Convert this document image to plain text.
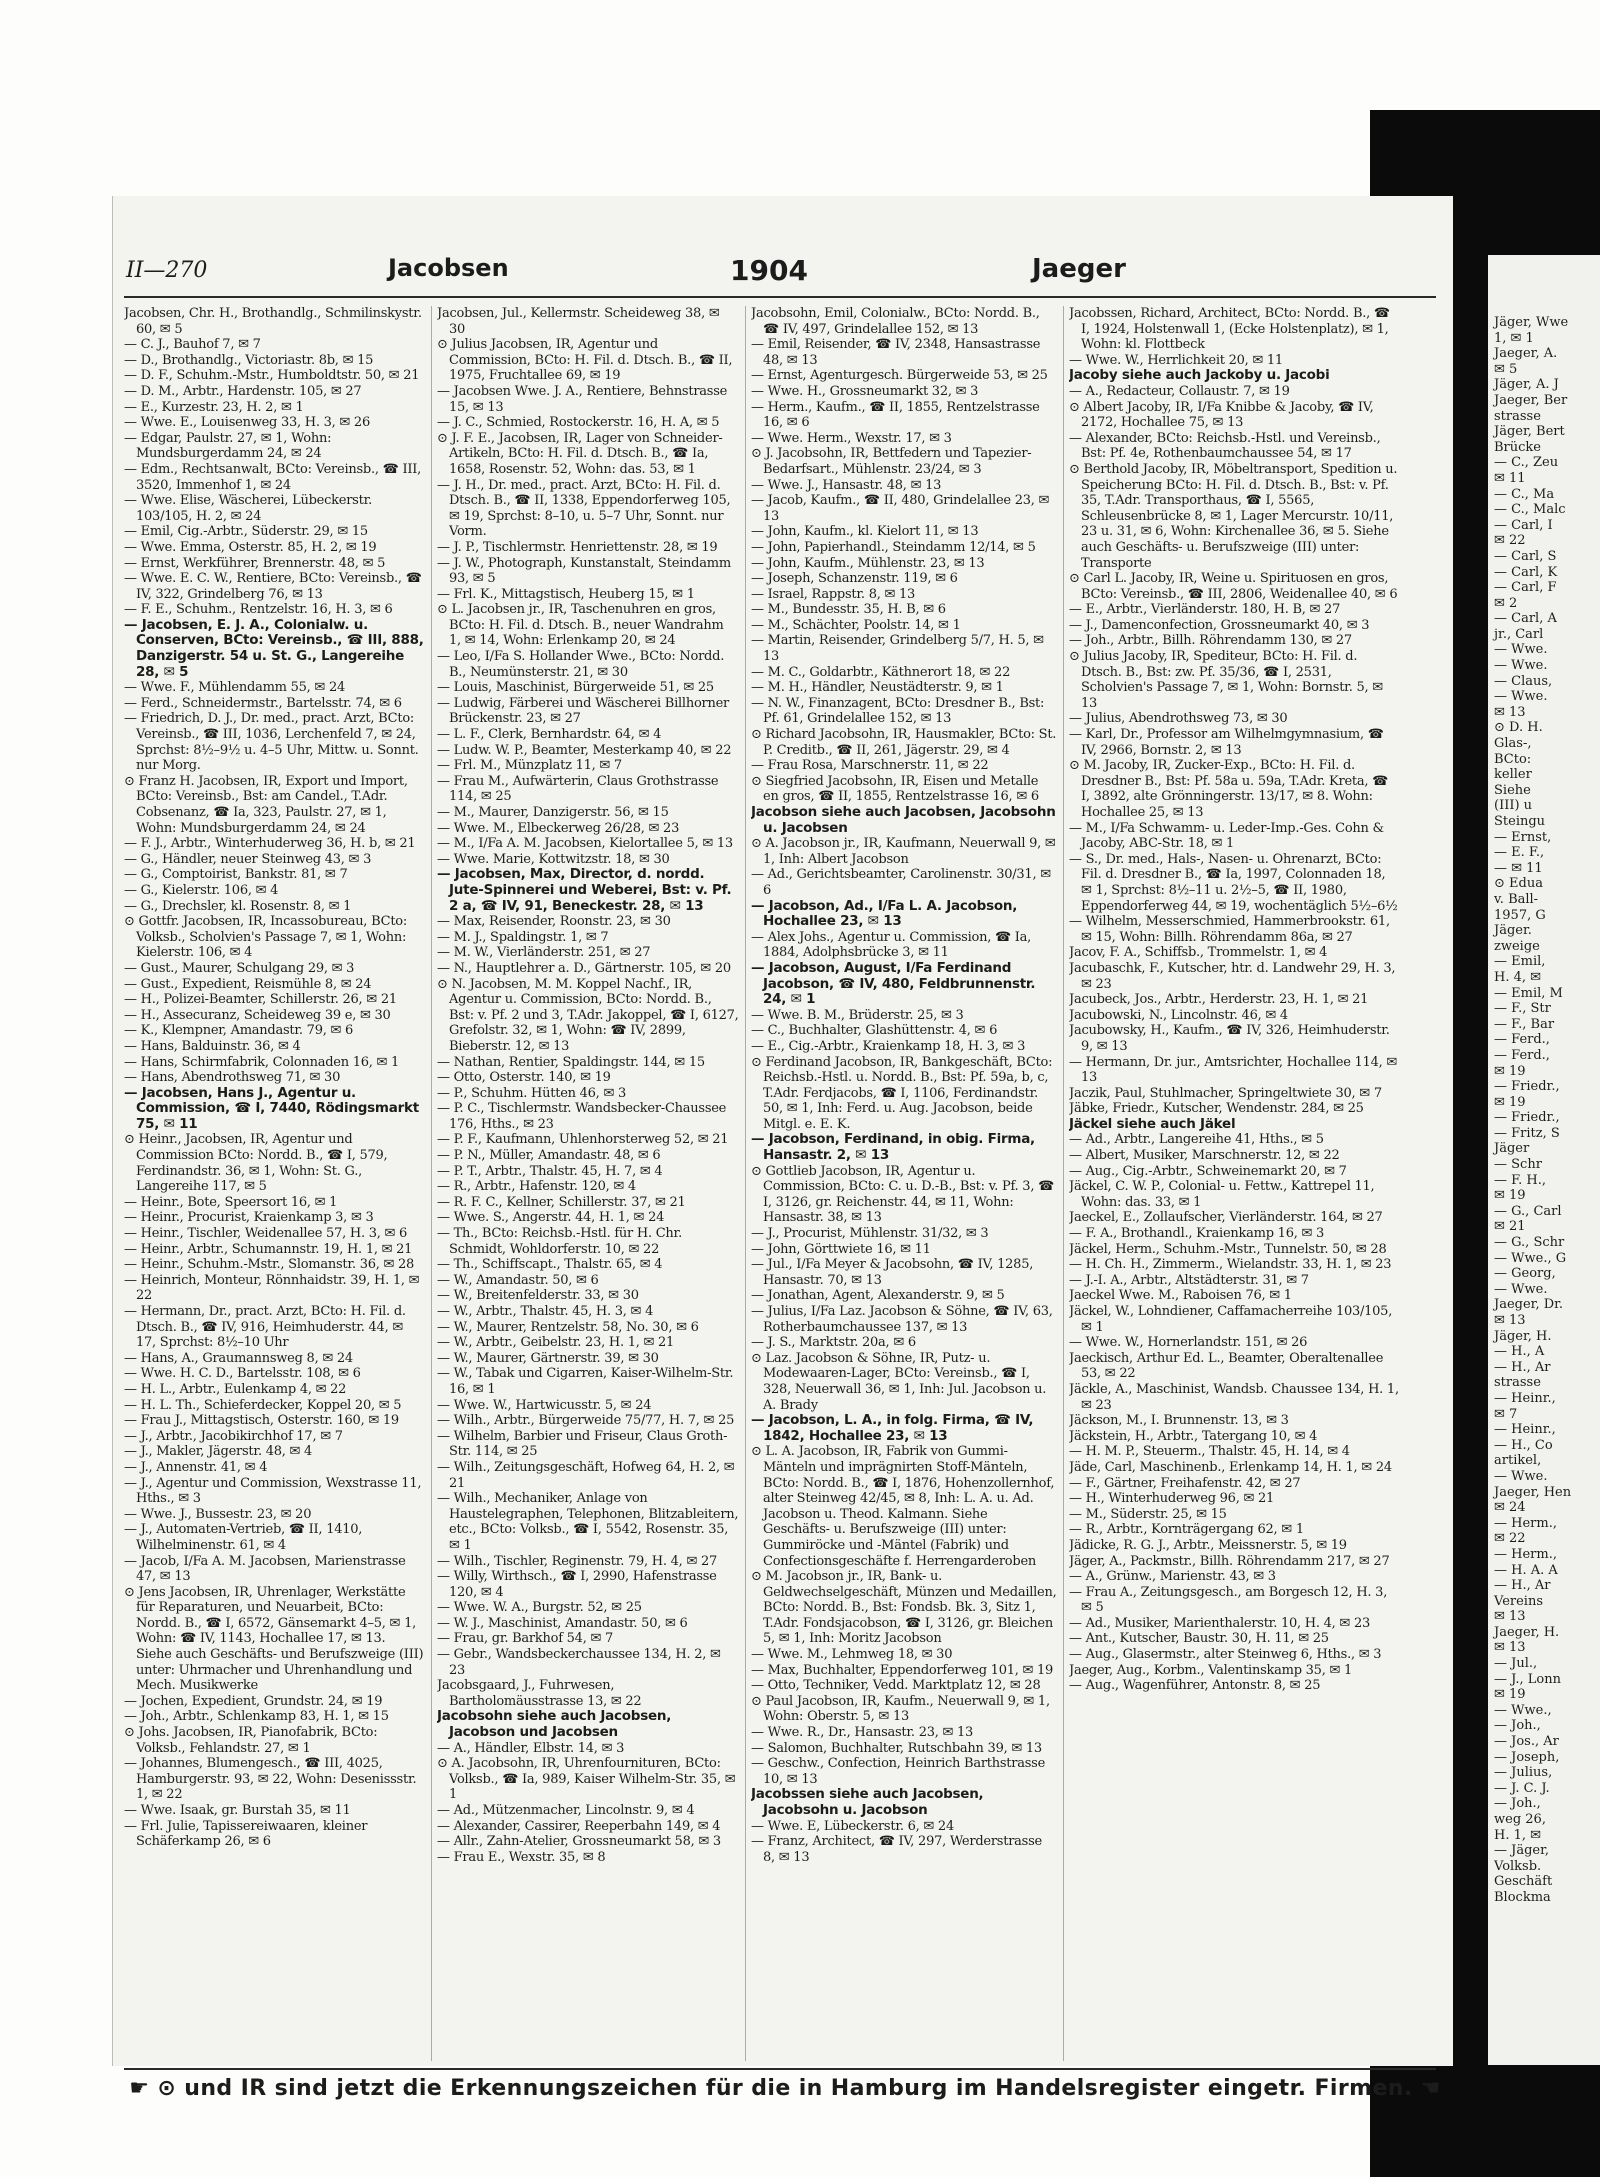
Jäger, Wwe
1, ✉ 1
Jaeger, A.
✉ 5
Jäger, A. J
Jaeger, Ber
strasse
Jäger, Bert
Brücke
— C., Zeu
✉ 11
— C., Ma
— C., Malc
— Carl, I
✉ 22
— Carl, S
— Carl, K
— Carl, F
✉ 2
— Carl, A
jr., Carl
— Wwe.
— Wwe.
— Claus,
— Wwe.
✉ 13
⊙ D. H.
Glas-,
BCto:
keller
Siehe
(III) u
Steingu
— Ernst,
— E. F.,
— ✉ 11
⊙ Edua
v. Ball-
1957, G
Jäger.
zweige
— Emil,
H. 4, ✉
— Emil, M
— F., Str
— F., Bar
— Ferd.,
— Ferd.,
✉ 19
— Friedr.,
✉ 19
— Friedr.,
— Fritz, S
Jäger
— Schr
— F. H.,
✉ 19
— G., Carl
✉ 21
— G., Schr
— Wwe., G
— Georg,
— Wwe.
Jaeger, Dr.
✉ 13
Jäger, H.
— H., A
— H., Ar
strasse
— Heinr.,
✉ 7
— Heinr.,
— H., Co
artikel,
— Wwe.
Jaeger, Hen
✉ 24
— Herm.,
✉ 22
— Herm.,
— H. A. A
— H., Ar
Vereins
✉ 13
Jaeger, H.
✉ 13
— Jul.,
— J., Lonn
✉ 19
— Wwe.,
— Joh.,
— Jos., Ar
— Joseph,
— Julius,
— J. C. J.
— Joh.,
weg 26,
H. 1, ✉
— Jäger,
Volksb.
Geschäft
Blockma
II—270	Jacobsen	1904	Jaeger

Jacobsen, Chr. H., Brothandlg., Schmilinskystr. 60, ✉ 5

— C. J., Bauhof 7, ✉ 7

— D., Brothandlg., Victoriastr. 8b, ✉ 15

— D. F., Schuhm.-Mstr., Humboldtstr. 50, ✉ 21

— D. M., Arbtr., Hardenstr. 105, ✉ 27

— E., Kurzestr. 23, H. 2, ✉ 1

— Wwe. E., Louisenweg 33, H. 3, ✉ 26

— Edgar, Paulstr. 27, ✉ 1, Wohn: Mundsburgerdamm 24, ✉ 24

— Edm., Rechtsanwalt, BCto: Vereinsb., ☎ III, 3520, Immenhof 1, ✉ 24

— Wwe. Elise, Wäscherei, Lübeckerstr. 103/105, H. 2, ✉ 24

— Emil, Cig.-Arbtr., Süderstr. 29, ✉ 15

— Wwe. Emma, Osterstr. 85, H. 2, ✉ 19

— Ernst, Werkführer, Brennerstr. 48, ✉ 5

— Wwe. E. C. W., Rentiere, BCto: Vereinsb., ☎ IV, 322, Grindelberg 76, ✉ 13

— F. E., Schuhm., Rentzelstr. 16, H. 3, ✉ 6

— Jacobsen, E. J. A., Colonialw. u. Conserven, BCto: Vereinsb., ☎ III, 888, Danzigerstr. 54 u. St. G., Langereihe 28, ✉ 5

— Wwe. F., Mühlendamm 55, ✉ 24

— Ferd., Schneidermstr., Bartelsstr. 74, ✉ 6

— Friedrich, D. J., Dr. med., pract. Arzt, BCto: Vereinsb., ☎ III, 1036, Lerchenfeld 7, ✉ 24, Sprchst: 8½–9½ u. 4–5 Uhr, Mittw. u. Sonnt. nur Morg.

⊙ Franz H. Jacobsen, IR, Export und Import, BCto: Vereinsb., Bst: am Candel., T.Adr. Cobsenanz, ☎ Ia, 323, Paulstr. 27, ✉ 1, Wohn: Mundsburgerdamm 24, ✉ 24

— F. J., Arbtr., Winterhuderweg 36, H. b, ✉ 21

— G., Händler, neuer Steinweg 43, ✉ 3

— G., Comptoirist, Bankstr. 81, ✉ 7

— G., Kielerstr. 106, ✉ 4

— G., Drechsler, kl. Rosenstr. 8, ✉ 1

⊙ Gottfr. Jacobsen, IR, Incassobureau, BCto: Volksb., Scholvien's Passage 7, ✉ 1, Wohn: Kielerstr. 106, ✉ 4

— Gust., Maurer, Schulgang 29, ✉ 3

— Gust., Expedient, Reismühle 8, ✉ 24

— H., Polizei-Beamter, Schillerstr. 26, ✉ 21

— H., Assecuranz, Scheideweg 39 e, ✉ 30

— K., Klempner, Amandastr. 79, ✉ 6

— Hans, Balduinstr. 36, ✉ 4

— Hans, Schirmfabrik, Colonnaden 16, ✉ 1

— Hans, Abendrothsweg 71, ✉ 30

— Jacobsen, Hans J., Agentur u. Commission, ☎ I, 7440, Rödingsmarkt 75, ✉ 11

⊙ Heinr., Jacobsen, IR, Agentur und Commission BCto: Nordd. B., ☎ I, 579, Ferdinandstr. 36, ✉ 1, Wohn: St. G., Langereihe 117, ✉ 5

— Heinr., Bote, Speersort 16, ✉ 1

— Heinr., Procurist, Kraienkamp 3, ✉ 3

— Heinr., Tischler, Weidenallee 57, H. 3, ✉ 6

— Heinr., Arbtr., Schumannstr. 19, H. 1, ✉ 21

— Heinr., Schuhm.-Mstr., Slomanstr. 36, ✉ 28

— Heinrich, Monteur, Rönnhaidstr. 39, H. 1, ✉ 22

— Hermann, Dr., pract. Arzt, BCto: H. Fil. d. Dtsch. B., ☎ IV, 916, Heimhuderstr. 44, ✉ 17, Sprchst: 8½–10 Uhr

— Hans, A., Graumannsweg 8, ✉ 24

— Wwe. H. C. D., Bartelsstr. 108, ✉ 6

— H. L., Arbtr., Eulenkamp 4, ✉ 22

— H. L. Th., Schieferdecker, Koppel 20, ✉ 5

— Frau J., Mittagstisch, Osterstr. 160, ✉ 19

— J., Arbtr., Jacobikirchhof 17, ✉ 7

— J., Makler, Jägerstr. 48, ✉ 4

— J., Annenstr. 41, ✉ 4

— J., Agentur und Commission, Wexstrasse 11, Hths., ✉ 3

— Wwe. J., Bussestr. 23, ✉ 20

— J., Automaten-Vertrieb, ☎ II, 1410, Wilhelminenstr. 61, ✉ 4

— Jacob, I/Fa A. M. Jacobsen, Marienstrasse 47, ✉ 13

⊙ Jens Jacobsen, IR, Uhrenlager, Werkstätte für Reparaturen, und Neuarbeit, BCto: Nordd. B., ☎ I, 6572, Gänsemarkt 4–5, ✉ 1, Wohn: ☎ IV, 1143, Hochallee 17, ✉ 13. Siehe auch Geschäfts- und Berufszweige (III) unter: Uhrmacher und Uhrenhandlung und Mech. Musikwerke

— Jochen, Expedient, Grundstr. 24, ✉ 19

— Joh., Arbtr., Schlenkamp 83, H. 1, ✉ 15

⊙ Johs. Jacobsen, IR, Pianofabrik, BCto: Volksb., Fehlandstr. 27, ✉ 1

— Johannes, Blumengesch., ☎ III, 4025, Hamburgerstr. 93, ✉ 22, Wohn: Desenissstr. 1, ✉ 22

— Wwe. Isaak, gr. Burstah 35, ✉ 11

— Frl. Julie, Tapissereiwaaren, kleiner Schäferkamp 26, ✉ 6

Jacobsen, Jul., Kellermstr. Scheideweg 38, ✉ 30

⊙ Julius Jacobsen, IR, Agentur und Commission, BCto: H. Fil. d. Dtsch. B., ☎ II, 1975, Fruchtallee 69, ✉ 19

— Jacobsen Wwe. J. A., Rentiere, Behnstrasse 15, ✉ 13

— J. C., Schmied, Rostockerstr. 16, H. A, ✉ 5

⊙ J. F. E., Jacobsen, IR, Lager von Schneider-Artikeln, BCto: H. Fil. d. Dtsch. B., ☎ Ia, 1658, Rosenstr. 52, Wohn: das. 53, ✉ 1

— J. H., Dr. med., pract. Arzt, BCto: H. Fil. d. Dtsch. B., ☎ II, 1338, Eppendorferweg 105, ✉ 19, Sprchst: 8–10, u. 5–7 Uhr, Sonnt. nur Vorm.

— J. P., Tischlermstr. Henriettenstr. 28, ✉ 19

— J. W., Photograph, Kunstanstalt, Steindamm 93, ✉ 5

— Frl. K., Mittagstisch, Heuberg 15, ✉ 1

⊙ L. Jacobsen jr., IR, Taschenuhren en gros, BCto: H. Fil. d. Dtsch. B., neuer Wandrahm 1, ✉ 14, Wohn: Erlenkamp 20, ✉ 24

— Leo, I/Fa S. Hollander Wwe., BCto: Nordd. B., Neumünsterstr. 21, ✉ 30

— Louis, Maschinist, Bürgerweide 51, ✉ 25

— Ludwig, Färberei und Wäscherei Billhorner Brückenstr. 23, ✉ 27

— L. F., Clerk, Bernhardstr. 64, ✉ 4

— Ludw. W. P., Beamter, Mesterkamp 40, ✉ 22

— Frl. M., Münzplatz 11, ✉ 7

— Frau M., Aufwärterin, Claus Grothstrasse 114, ✉ 25

— M., Maurer, Danzigerstr. 56, ✉ 15

— Wwe. M., Elbeckerweg 26/28, ✉ 23

— M., I/Fa A. M. Jacobsen, Kielortallee 5, ✉ 13

— Wwe. Marie, Kottwitzstr. 18, ✉ 30

— Jacobsen, Max, Director, d. nordd. Jute-Spinnerei und Weberei, Bst: v. Pf. 2 a, ☎ IV, 91, Beneckestr. 28, ✉ 13

— Max, Reisender, Roonstr. 23, ✉ 30

— M. J., Spaldingstr. 1, ✉ 7

— M. W., Vierländerstr. 251, ✉ 27

— N., Hauptlehrer a. D., Gärtnerstr. 105, ✉ 20

⊙ N. Jacobsen, M. M. Koppel Nachf., IR, Agentur u. Commission, BCto: Nordd. B., Bst: v. Pf. 2 und 3, T.Adr. Jakoppel, ☎ I, 6127, Grefolstr. 32, ✉ 1, Wohn: ☎ IV, 2899, Bieberstr. 12, ✉ 13

— Nathan, Rentier, Spaldingstr. 144, ✉ 15

— Otto, Osterstr. 140, ✉ 19

— P., Schuhm. Hütten 46, ✉ 3

— P. C., Tischlermstr. Wandsbecker-Chaussee 176, Hths., ✉ 23

— P. F., Kaufmann, Uhlenhorsterweg 52, ✉ 21

— P. N., Müller, Amandastr. 48, ✉ 6

— P. T., Arbtr., Thalstr. 45, H. 7, ✉ 4

— R., Arbtr., Hafenstr. 120, ✉ 4

— R. F. C., Kellner, Schillerstr. 37, ✉ 21

— Wwe. S., Angerstr. 44, H. 1, ✉ 24

— Th., BCto: Reichsb.-Hstl. für H. Chr. Schmidt, Wohldorferstr. 10, ✉ 22

— Th., Schiffscapt., Thalstr. 65, ✉ 4

— W., Amandastr. 50, ✉ 6

— W., Breitenfelderstr. 33, ✉ 30

— W., Arbtr., Thalstr. 45, H. 3, ✉ 4

— W., Maurer, Rentzelstr. 58, No. 30, ✉ 6

— W., Arbtr., Geibelstr. 23, H. 1, ✉ 21

— W., Maurer, Gärtnerstr. 39, ✉ 30

— W., Tabak und Cigarren, Kaiser-Wilhelm-Str. 16, ✉ 1

— Wwe. W., Hartwicusstr. 5, ✉ 24

— Wilh., Arbtr., Bürgerweide 75/77, H. 7, ✉ 25

— Wilhelm, Barbier und Friseur, Claus Groth-Str. 114, ✉ 25

— Wilh., Zeitungsgeschäft, Hofweg 64, H. 2, ✉ 21

— Wilh., Mechaniker, Anlage von Haustelegraphen, Telephonen, Blitzableitern, etc., BCto: Volksb., ☎ I, 5542, Rosenstr. 35, ✉ 1

— Wilh., Tischler, Reginenstr. 79, H. 4, ✉ 27

— Willy, Wirthsch., ☎ I, 2990, Hafenstrasse 120, ✉ 4

— Wwe. W. A., Burgstr. 52, ✉ 25

— W. J., Maschinist, Amandastr. 50, ✉ 6

— Frau, gr. Barkhof 54, ✉ 7

— Gebr., Wandsbeckerchaussee 134, H. 2, ✉ 23

Jacobsgaard, J., Fuhrwesen, Bartholomäusstrasse 13, ✉ 22

Jacobsohn siehe auch Jacobsen, Jacobson und Jacobsen

— A., Händler, Elbstr. 14, ✉ 3

⊙ A. Jacobsohn, IR, Uhrenfournituren, BCto: Volksb., ☎ Ia, 989, Kaiser Wilhelm-Str. 35, ✉ 1

— Ad., Mützenmacher, Lincolnstr. 9, ✉ 4

— Alexander, Cassirer, Reeperbahn 149, ✉ 4

— Allr., Zahn-Atelier, Grossneumarkt 58, ✉ 3

— Frau E., Wexstr. 35, ✉ 8

Jacobsohn, Emil, Colonialw., BCto: Nordd. B., ☎ IV, 497, Grindelallee 152, ✉ 13

— Emil, Reisender, ☎ IV, 2348, Hansastrasse 48, ✉ 13

— Ernst, Agenturgesch. Bürgerweide 53, ✉ 25

— Wwe. H., Grossneumarkt 32, ✉ 3

— Herm., Kaufm., ☎ II, 1855, Rentzelstrasse 16, ✉ 6

— Wwe. Herm., Wexstr. 17, ✉ 3

⊙ J. Jacobsohn, IR, Bettfedern und Tapezier-Bedarfsart., Mühlenstr. 23/24, ✉ 3

— Wwe. J., Hansastr. 48, ✉ 13

— Jacob, Kaufm., ☎ II, 480, Grindelallee 23, ✉ 13

— John, Kaufm., kl. Kielort 11, ✉ 13

— John, Papierhandl., Steindamm 12/14, ✉ 5

— John, Kaufm., Mühlenstr. 23, ✉ 13

— Joseph, Schanzenstr. 119, ✉ 6

— Israel, Rappstr. 8, ✉ 13

— M., Bundesstr. 35, H. B, ✉ 6

— M., Schächter, Poolstr. 14, ✉ 1

— Martin, Reisender, Grindelberg 5/7, H. 5, ✉ 13

— M. C., Goldarbtr., Käthnerort 18, ✉ 22

— M. H., Händler, Neustädterstr. 9, ✉ 1

— N. W., Finanzagent, BCto: Dresdner B., Bst: Pf. 61, Grindelallee 152, ✉ 13

⊙ Richard Jacobsohn, IR, Hausmakler, BCto: St. P. Creditb., ☎ II, 261, Jägerstr. 29, ✉ 4

— Frau Rosa, Marschnerstr. 11, ✉ 22

⊙ Siegfried Jacobsohn, IR, Eisen und Metalle en gros, ☎ II, 1855, Rentzelstrasse 16, ✉ 6

Jacobson siehe auch Jacobsen, Jacobsohn u. Jacobsen

⊙ A. Jacobson jr., IR, Kaufmann, Neuerwall 9, ✉ 1, Inh: Albert Jacobson

— Ad., Gerichtsbeamter, Carolinenstr. 30/31, ✉ 6

— Jacobson, Ad., I/Fa L. A. Jacobson, Hochallee 23, ✉ 13

— Alex Johs., Agentur u. Commission, ☎ Ia, 1884, Adolphsbrücke 3, ✉ 11

— Jacobson, August, I/Fa Ferdinand Jacobson, ☎ IV, 480, Feldbrunnenstr. 24, ✉ 1

— Wwe. B. M., Brüderstr. 25, ✉ 3

— C., Buchhalter, Glashüttenstr. 4, ✉ 6

— E., Cig.-Arbtr., Kraienkamp 18, H. 3, ✉ 3

⊙ Ferdinand Jacobson, IR, Bankgeschäft, BCto: Reichsb.-Hstl. u. Nordd. B., Bst: Pf. 59a, b, c, T.Adr. Ferdjacobs, ☎ I, 1106, Ferdinandstr. 50, ✉ 1, Inh: Ferd. u. Aug. Jacobson, beide Mitgl. e. E. K.

— Jacobson, Ferdinand, in obig. Firma, Hansastr. 2, ✉ 13

⊙ Gottlieb Jacobson, IR, Agentur u. Commission, BCto: C. u. D.-B., Bst: v. Pf. 3, ☎ I, 3126, gr. Reichenstr. 44, ✉ 11, Wohn: Hansastr. 38, ✉ 13

— J., Procurist, Mühlenstr. 31/32, ✉ 3

— John, Görttwiete 16, ✉ 11

— Jul., I/Fa Meyer & Jacobsohn, ☎ IV, 1285, Hansastr. 70, ✉ 13

— Jonathan, Agent, Alexanderstr. 9, ✉ 5

— Julius, I/Fa Laz. Jacobson & Söhne, ☎ IV, 63, Rotherbaumchaussee 137, ✉ 13

— J. S., Marktstr. 20a, ✉ 6

⊙ Laz. Jacobson & Söhne, IR, Putz- u. Modewaaren-Lager, BCto: Vereinsb., ☎ I, 328, Neuerwall 36, ✉ 1, Inh: Jul. Jacobson u. A. Brady

— Jacobson, L. A., in folg. Firma, ☎ IV, 1842, Hochallee 23, ✉ 13

⊙ L. A. Jacobson, IR, Fabrik von Gummi-Mänteln und imprägnirten Stoff-Mänteln, BCto: Nordd. B., ☎ I, 1876, Hohenzollernhof, alter Steinweg 42/45, ✉ 8, Inh: L. A. u. Ad. Jacobson u. Theod. Kalmann. Siehe Geschäfts- u. Berufszweige (III) unter: Gummiröcke und -Mäntel (Fabrik) und Confectionsgeschäfte f. Herrengarderoben

⊙ M. Jacobson jr., IR, Bank- u. Geldwechselgeschäft, Münzen und Medaillen, BCto: Nordd. B., Bst: Fondsb. Bk. 3, Sitz 1, T.Adr. Fondsjacobson, ☎ I, 3126, gr. Bleichen 5, ✉ 1, Inh: Moritz Jacobson

— Wwe. M., Lehmweg 18, ✉ 30

— Max, Buchhalter, Eppendorferweg 101, ✉ 19

— Otto, Techniker, Vedd. Marktplatz 12, ✉ 28

⊙ Paul Jacobson, IR, Kaufm., Neuerwall 9, ✉ 1, Wohn: Oberstr. 5, ✉ 13

— Wwe. R., Dr., Hansastr. 23, ✉ 13

— Salomon, Buchhalter, Rutschbahn 39, ✉ 13

— Geschw., Confection, Heinrich Barthstrasse 10, ✉ 13

Jacobssen siehe auch Jacobsen, Jacobsohn u. Jacobson

— Wwe. E, Lübeckerstr. 6, ✉ 24

— Franz, Architect, ☎ IV, 297, Werderstrasse 8, ✉ 13

Jacobssen, Richard, Architect, BCto: Nordd. B., ☎ I, 1924, Holstenwall 1, (Ecke Holstenplatz), ✉ 1, Wohn: kl. Flottbeck

— Wwe. W., Herrlichkeit 20, ✉ 11

Jacoby siehe auch Jackoby u. Jacobi

— A., Redacteur, Collaustr. 7, ✉ 19

⊙ Albert Jacoby, IR, I/Fa Knibbe & Jacoby, ☎ IV, 2172, Hochallee 75, ✉ 13

— Alexander, BCto: Reichsb.-Hstl. und Vereinsb., Bst: Pf. 4e, Rothenbaumchaussee 54, ✉ 17

⊙ Berthold Jacoby, IR, Möbeltransport, Spedition u. Speicherung BCto: H. Fil. d. Dtsch. B., Bst: v. Pf. 35, T.Adr. Transporthaus, ☎ I, 5565, Schleusenbrücke 8, ✉ 1, Lager Mercurstr. 10/11, 23 u. 31, ✉ 6, Wohn: Kirchenallee 36, ✉ 5. Siehe auch Geschäfts- u. Berufszweige (III) unter: Transporte

⊙ Carl L. Jacoby, IR, Weine u. Spirituosen en gros, BCto: Vereinsb., ☎ III, 2806, Weidenallee 40, ✉ 6

— E., Arbtr., Vierländerstr. 180, H. B, ✉ 27

— J., Damenconfection, Grossneumarkt 40, ✉ 3

— Joh., Arbtr., Billh. Röhrendamm 130, ✉ 27

⊙ Julius Jacoby, IR, Spediteur, BCto: H. Fil. d. Dtsch. B., Bst: zw. Pf. 35/36, ☎ I, 2531, Scholvien's Passage 7, ✉ 1, Wohn: Bornstr. 5, ✉ 13

— Julius, Abendrothsweg 73, ✉ 30

— Karl, Dr., Professor am Wilhelmgymnasium, ☎ IV, 2966, Bornstr. 2, ✉ 13

⊙ M. Jacoby, IR, Zucker-Exp., BCto: H. Fil. d. Dresdner B., Bst: Pf. 58a u. 59a, T.Adr. Kreta, ☎ I, 3892, alte Grönningerstr. 13/17, ✉ 8. Wohn: Hochallee 25, ✉ 13

— M., I/Fa Schwamm- u. Leder-Imp.-Ges. Cohn & Jacoby, ABC-Str. 18, ✉ 1

— S., Dr. med., Hals-, Nasen- u. Ohrenarzt, BCto: Fil. d. Dresdner B., ☎ Ia, 1997, Colonnaden 18, ✉ 1, Sprchst: 8½–11 u. 2½–5, ☎ II, 1980, Eppendorferweg 44, ✉ 19, wochentäglich 5½–6½

— Wilhelm, Messerschmied, Hammerbrookstr. 61, ✉ 15, Wohn: Billh. Röhrendamm 86a, ✉ 27

Jacov, F. A., Schiffsb., Trommelstr. 1, ✉ 4

Jacubaschk, F., Kutscher, htr. d. Landwehr 29, H. 3, ✉ 23

Jacubeck, Jos., Arbtr., Herderstr. 23, H. 1, ✉ 21

Jacubowski, N., Lincolnstr. 46, ✉ 4

Jacubowsky, H., Kaufm., ☎ IV, 326, Heimhuderstr. 9, ✉ 13

— Hermann, Dr. jur., Amtsrichter, Hochallee 114, ✉ 13

Jaczik, Paul, Stuhlmacher, Springeltwiete 30, ✉ 7

Jäbke, Friedr., Kutscher, Wendenstr. 284, ✉ 25

Jäckel siehe auch Jäkel

— Ad., Arbtr., Langereihe 41, Hths., ✉ 5

— Albert, Musiker, Marschnerstr. 12, ✉ 22

— Aug., Cig.-Arbtr., Schweinemarkt 20, ✉ 7

Jäckel, C. W. P., Colonial- u. Fettw., Kattrepel 11, Wohn: das. 33, ✉ 1

Jaeckel, E., Zollaufscher, Vierländerstr. 164, ✉ 27

— F. A., Brothandl., Kraienkamp 16, ✉ 3

Jäckel, Herm., Schuhm.-Mstr., Tunnelstr. 50, ✉ 28

— H. Ch. H., Zimmerm., Wielandstr. 33, H. 1, ✉ 23

— J.-I. A., Arbtr., Altstädterstr. 31, ✉ 7

Jaeckel Wwe. M., Raboisen 76, ✉ 1

Jäckel, W., Lohndiener, Caffamacherreihe 103/105, ✉ 1

— Wwe. W., Hornerlandstr. 151, ✉ 26

Jaeckisch, Arthur Ed. L., Beamter, Oberaltenallee 53, ✉ 22

Jäckle, A., Maschinist, Wandsb. Chaussee 134, H. 1, ✉ 23

Jäckson, M., I. Brunnenstr. 13, ✉ 3

Jäckstein, H., Arbtr., Tatergang 10, ✉ 4

— H. M. P., Steuerm., Thalstr. 45, H. 14, ✉ 4

Jäde, Carl, Maschinenb., Erlenkamp 14, H. 1, ✉ 24

— F., Gärtner, Freihafenstr. 42, ✉ 27

— H., Winterhuderweg 96, ✉ 21

— M., Süderstr. 25, ✉ 15

— R., Arbtr., Kornträgergang 62, ✉ 1

Jädicke, R. G. J., Arbtr., Meissnerstr. 5, ✉ 19

Jäger, A., Packmstr., Billh. Röhrendamm 217, ✉ 27

— A., Grünw., Marienstr. 43, ✉ 3

— Frau A., Zeitungsgesch., am Borgesch 12, H. 3, ✉ 5

— Ad., Musiker, Marienthalerstr. 10, H. 4, ✉ 23

— Ant., Kutscher, Baustr. 30, H. 11, ✉ 25

— Aug., Glasermstr., alter Steinweg 6, Hths., ✉ 3

Jaeger, Aug., Korbm., Valentinskamp 35, ✉ 1

— Aug., Wagenführer, Antonstr. 8, ✉ 25

☛ ⊙ und IR sind jetzt die Erkennungszeichen für die in Hamburg im Handelsregister eingetr. Firmen. ☚
